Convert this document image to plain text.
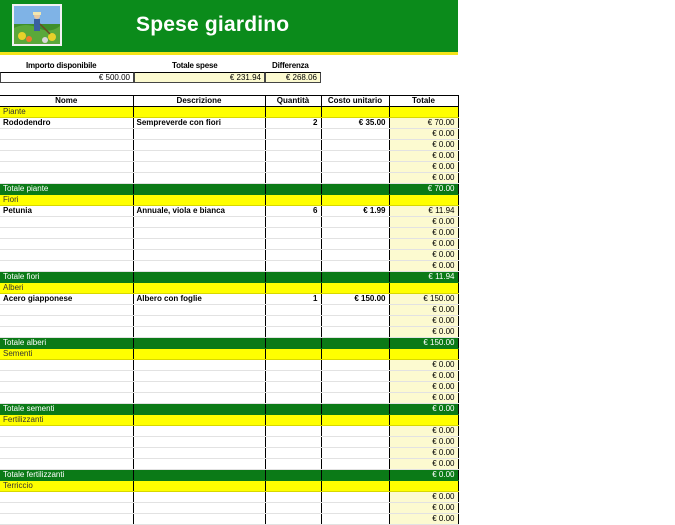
Spese giardino
Importo disponibile	Totale spese	Differenza
€ 500.00	€ 231.94	€ 268.06
Nome	Descrizione	Quantità	Costo unitario	Totale
Piante				
Rododendro	Sempreverde con fiori	2	€ 35.00	€ 70.00
				€ 0.00
				€ 0.00
				€ 0.00
				€ 0.00
				€ 0.00
Totale piante				€ 70.00
Fiori				
Petunia	Annuale, viola e bianca	6	€ 1.99	€ 11.94
				€ 0.00
				€ 0.00
				€ 0.00
				€ 0.00
				€ 0.00
Totale fiori				€ 11.94
Alberi				
Acero giapponese	Albero con foglie	1	€ 150.00	€ 150.00
				€ 0.00
				€ 0.00
				€ 0.00
Totale alberi				€ 150.00
Sementi				
				€ 0.00
				€ 0.00
				€ 0.00
				€ 0.00
Totale sementi				€ 0.00
Fertilizzanti				
				€ 0.00
				€ 0.00
				€ 0.00
				€ 0.00
Totale fertilizzanti				€ 0.00
Terriccio				
				€ 0.00
				€ 0.00
				€ 0.00
